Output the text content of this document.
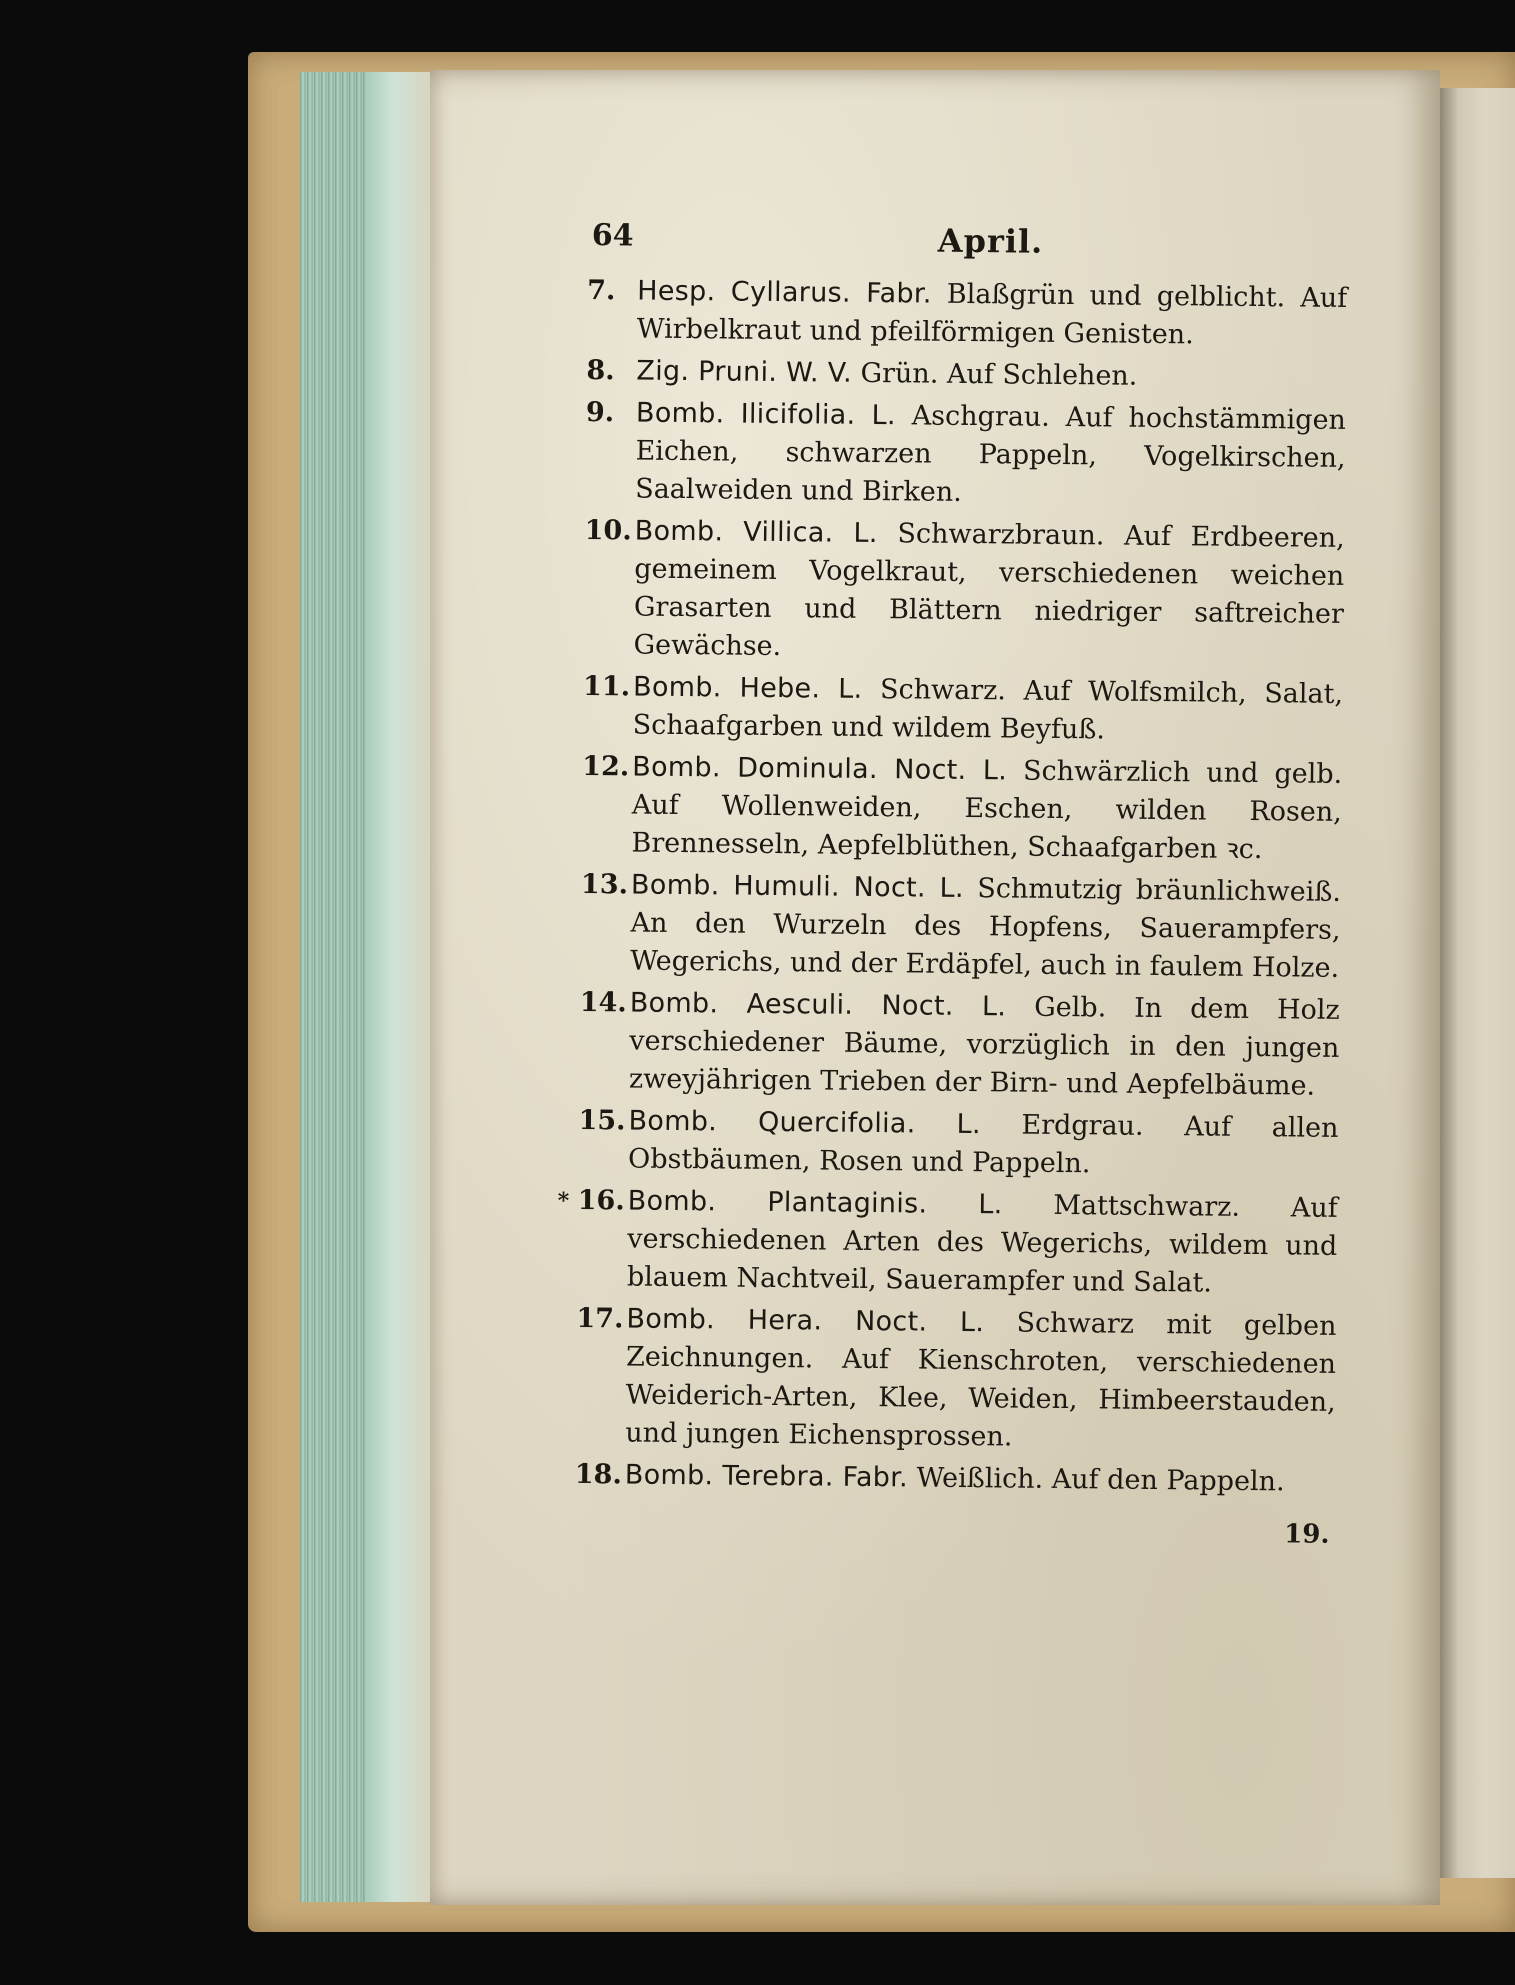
64	April.
7. Hesp. Cyllarus. Fabr. Blaßgrün und gelblicht. Auf Wirbelkraut und pfeilförmigen Genisten.
8. Zig. Pruni. W. V. Grün. Auf Schlehen.
9. Bomb. Ilicifolia. L. Aschgrau. Auf hochstämmigen Eichen, schwarzen Pappeln, Vogelkirschen, Saalweiden und Birken.
10. Bomb. Villica. L. Schwarzbraun. Auf Erdbeeren, gemeinem Vogelkraut, verschiedenen weichen Grasarten und Blättern niedriger saftreicher Gewächse.
11. Bomb. Hebe. L. Schwarz. Auf Wolfsmilch, Salat, Schaafgarben und wildem Beyfuß.
12. Bomb. Dominula. Noct. L. Schwärzlich und gelb. Auf Wollenweiden, Eschen, wilden Rosen, Brennesseln, Aepfelblüthen, Schaafgarben ꝛc.
13. Bomb. Humuli. Noct. L. Schmutzig bräunlichweiß. An den Wurzeln des Hopfens, Sauerampfers, Wegerichs, und der Erdäpfel, auch in faulem Holze.
14. Bomb. Aesculi. Noct. L. Gelb. In dem Holz verschiedener Bäume, vorzüglich in den jungen zweyjährigen Trieben der Birn- und Aepfelbäume.
15. Bomb. Quercifolia. L. Erdgrau. Auf allen Obstbäumen, Rosen und Pappeln.
* 16. Bomb. Plantaginis. L. Mattschwarz. Auf verschiedenen Arten des Wegerichs, wildem und blauem Nachtveil, Sauerampfer und Salat.
17. Bomb. Hera. Noct. L. Schwarz mit gelben Zeichnungen. Auf Kienschroten, verschiedenen Weiderich-Arten, Klee, Weiden, Himbeerstauden, und jungen Eichensprossen.
18. Bomb. Terebra. Fabr. Weißlich. Auf den Pappeln.
19.
